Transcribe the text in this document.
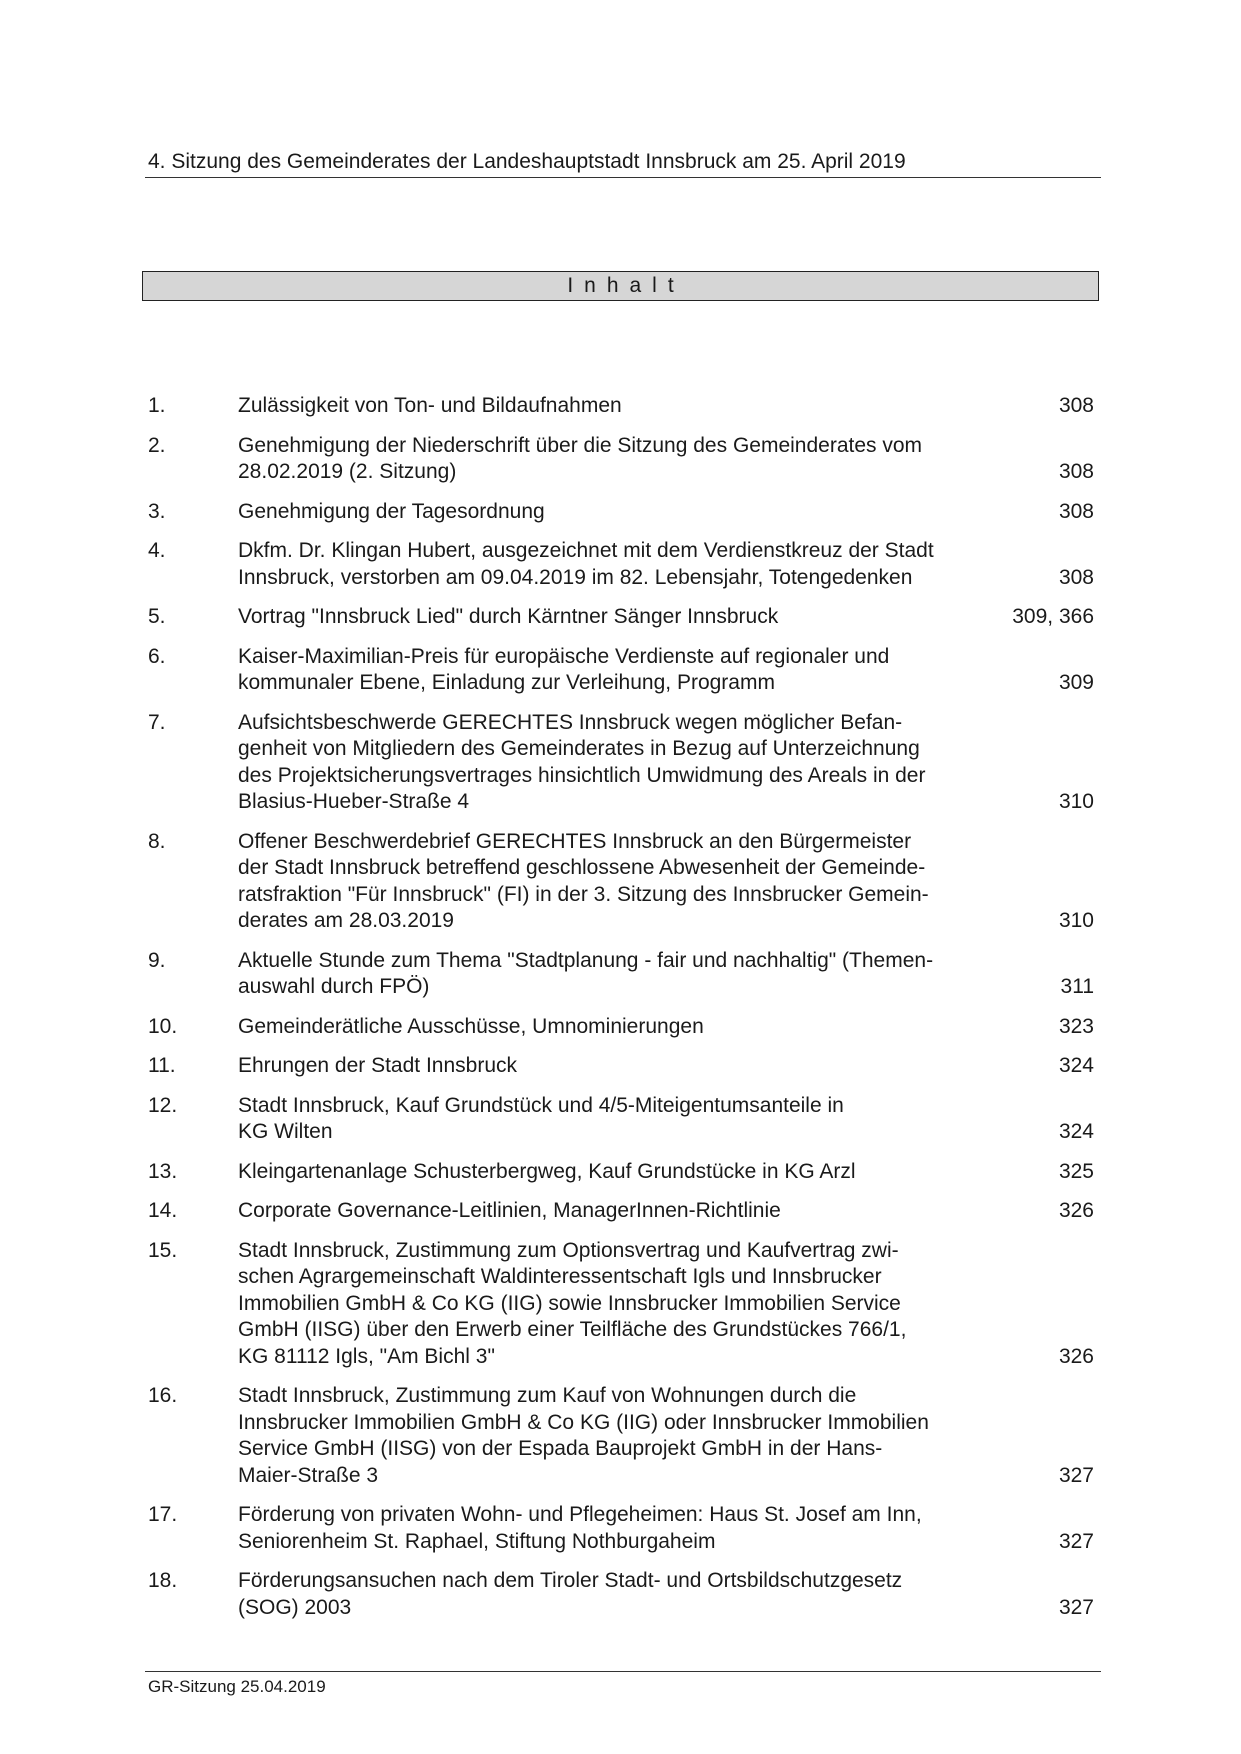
4. Sitzung des Gemeinderates der Landeshauptstadt Innsbruck am 25. April 2019
Inhalt
1.	Zulässigkeit von Ton- und Bildaufnahmen	308
2.	Genehmigung der Niederschrift über die Sitzung des Gemeinderates vom
28.02.2019 (2. Sitzung)	308
3.	Genehmigung der Tagesordnung	308
4.	Dkfm. Dr. Klingan Hubert, ausgezeichnet mit dem Verdienstkreuz der Stadt
Innsbruck, verstorben am 09.04.2019 im 82. Lebensjahr, Totengedenken	308
5.	Vortrag "Innsbruck Lied" durch Kärntner Sänger Innsbruck	309, 366
6.	Kaiser-Maximilian-Preis für europäische Verdienste auf regionaler und
kommunaler Ebene, Einladung zur Verleihung, Programm	309
7.	Aufsichtsbeschwerde GERECHTES Innsbruck wegen möglicher Befan-
genheit von Mitgliedern des Gemeinderates in Bezug auf Unterzeichnung
des Projektsicherungsvertrages hinsichtlich Umwidmung des Areals in der
Blasius-Hueber-Straße 4	310
8.	Offener Beschwerdebrief GERECHTES Innsbruck an den Bürgermeister
der Stadt Innsbruck betreffend geschlossene Abwesenheit der Gemeinde-
ratsfraktion "Für Innsbruck" (FI) in der 3. Sitzung des Innsbrucker Gemein-
derates am 28.03.2019	310
9.	Aktuelle Stunde zum Thema "Stadtplanung - fair und nachhaltig" (Themen-
auswahl durch FPÖ)	311
10.	Gemeinderätliche Ausschüsse, Umnominierungen	323
11.	Ehrungen der Stadt Innsbruck	324
12.	Stadt Innsbruck, Kauf Grundstück und 4/5-Miteigentumsanteile in
KG Wilten	324
13.	Kleingartenanlage Schusterbergweg, Kauf Grundstücke in KG Arzl	325
14.	Corporate Governance-Leitlinien, ManagerInnen-Richtlinie	326
15.	Stadt Innsbruck, Zustimmung zum Optionsvertrag und Kaufvertrag zwi-
schen Agrargemeinschaft Waldinteressentschaft Igls und Innsbrucker
Immobilien GmbH & Co KG (IIG) sowie Innsbrucker Immobilien Service
GmbH (IISG) über den Erwerb einer Teilfläche des Grundstückes 766/1,
KG 81112 Igls, "Am Bichl 3"	326
16.	Stadt Innsbruck, Zustimmung zum Kauf von Wohnungen durch die
Innsbrucker Immobilien GmbH & Co KG (IIG) oder Innsbrucker Immobilien
Service GmbH (IISG) von der Espada Bauprojekt GmbH in der Hans-
Maier-Straße 3	327
17.	Förderung von privaten Wohn- und Pflegeheimen: Haus St. Josef am Inn,
Seniorenheim St. Raphael, Stiftung Nothburgaheim	327
18.	Förderungsansuchen nach dem Tiroler Stadt- und Ortsbildschutzgesetz
(SOG) 2003	327
GR-Sitzung 25.04.2019
